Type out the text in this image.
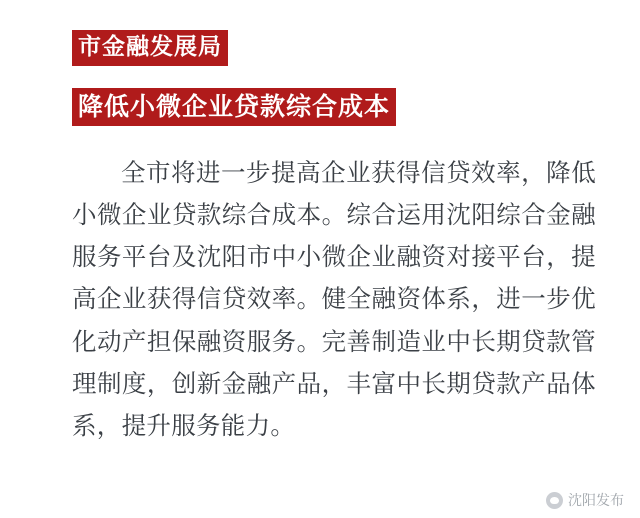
市金融发展局
降低小微企业贷款综合成本

全市将进一步提高企业获得信贷效率，降低小微企业贷款综合成本。综合运用沈阳综合金融服务平台及沈阳市中小微企业融资对接平台，提高企业获得信贷效率。健全融资体系，进一步优化动产担保融资服务。完善制造业中长期贷款管理制度，创新金融产品，丰富中长期贷款产品体系，提升服务能力。

沈阳发布
